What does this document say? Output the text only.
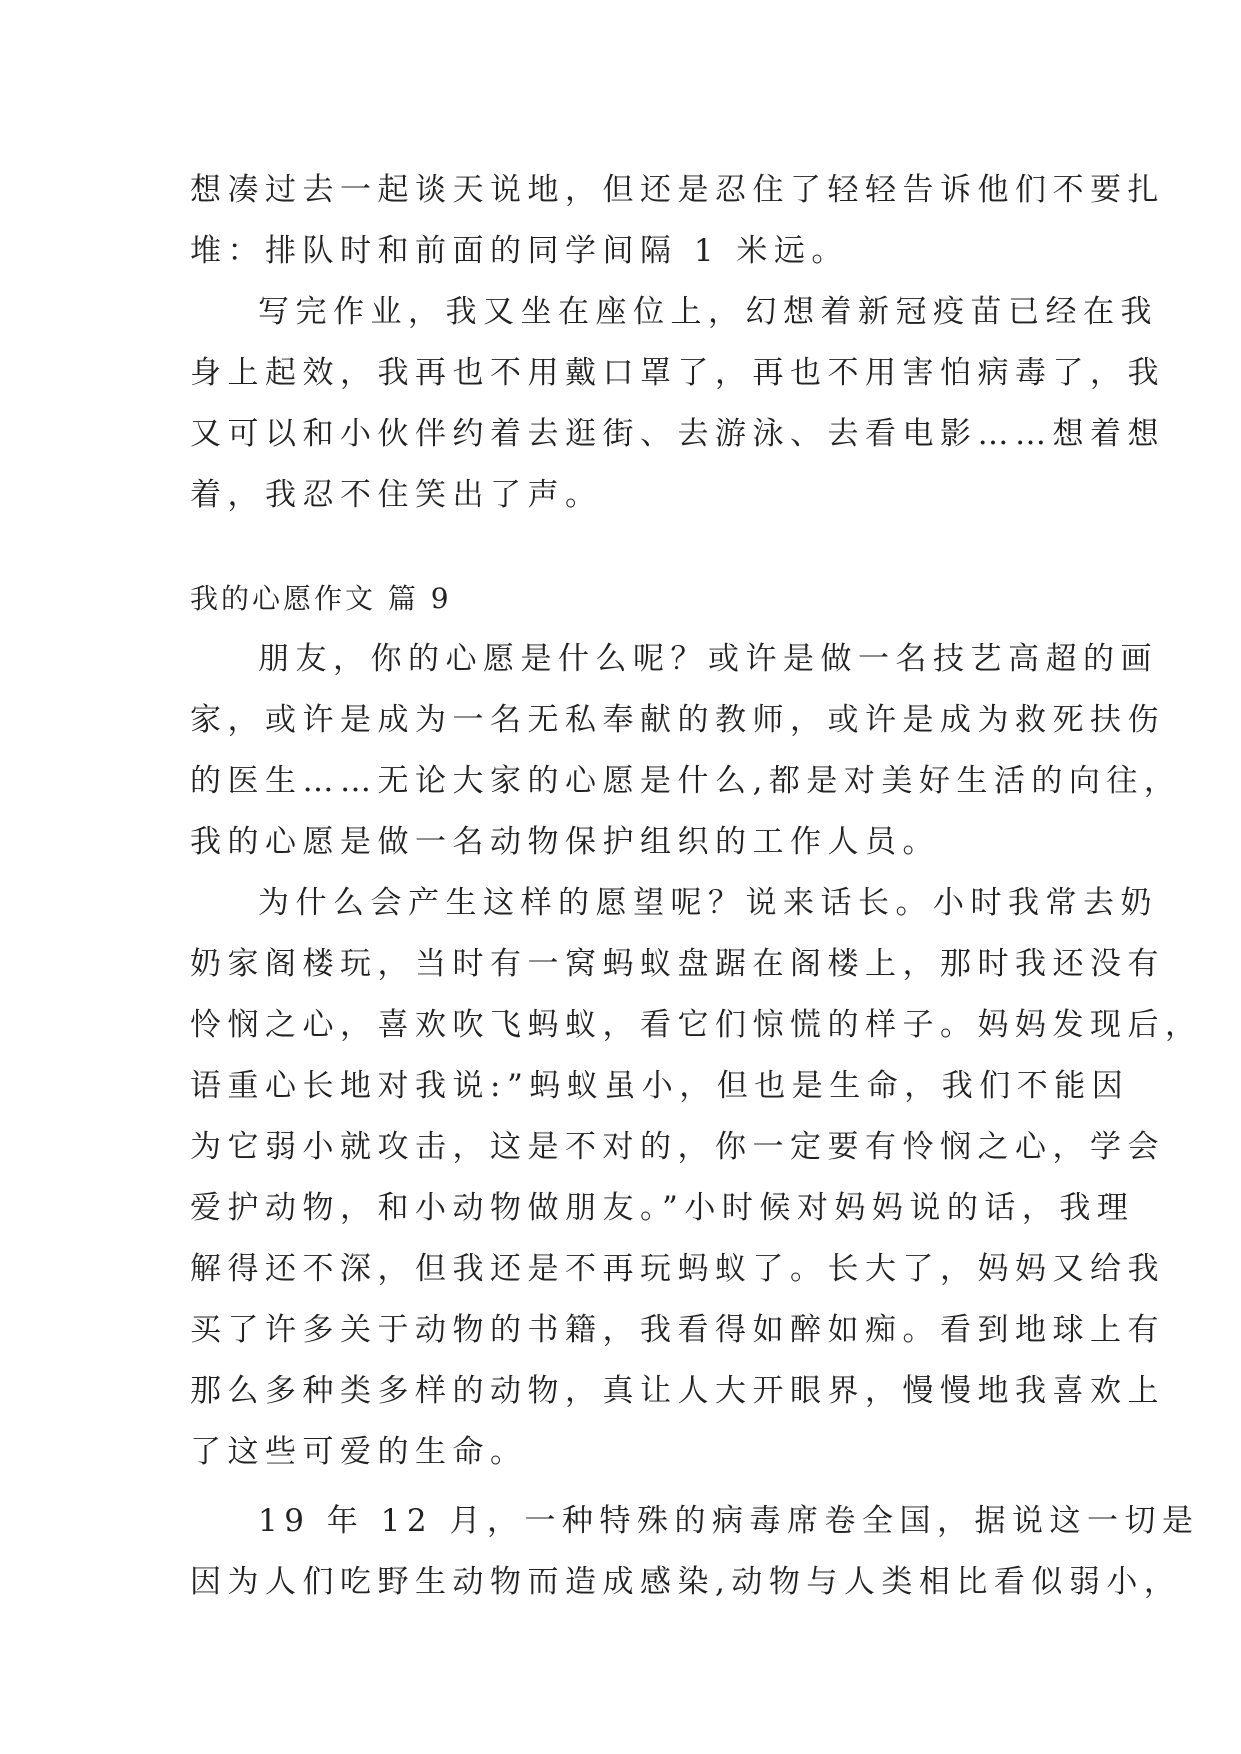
想凑过去一起谈天说地，但还是忍住了轻轻告诉他们不要扎

堆：排队时和前面的同学间隔 1 米远。

写完作业，我又坐在座位上，幻想着新冠疫苗已经在我

身上起效，我再也不用戴口罩了，再也不用害怕病毒了，我

又可以和小伙伴约着去逛街、去游泳、去看电影……想着想

着，我忍不住笑出了声。

我的心愿作文 篇 9

朋友，你的心愿是什么呢？或许是做一名技艺高超的画

家，或许是成为一名无私奉献的教师，或许是成为救死扶伤

的医生……无论大家的心愿是什么,都是对美好生活的向往，

我的心愿是做一名动物保护组织的工作人员。

为什么会产生这样的愿望呢？说来话长。小时我常去奶

奶家阁楼玩，当时有一窝蚂蚁盘踞在阁楼上，那时我还没有

怜悯之心，喜欢吹飞蚂蚁，看它们惊慌的样子。妈妈发现后，

语重心长地对我说:”蚂蚁虽小，但也是生命，我们不能因

为它弱小就攻击，这是不对的，你一定要有怜悯之心，学会

爱护动物，和小动物做朋友。”小时候对妈妈说的话，我理

解得还不深，但我还是不再玩蚂蚁了。长大了，妈妈又给我

买了许多关于动物的书籍，我看得如醉如痴。看到地球上有

那么多种类多样的动物，真让人大开眼界，慢慢地我喜欢上

了这些可爱的生命。

19 年 12 月，一种特殊的病毒席卷全国，据说这一切是

因为人们吃野生动物而造成感染,动物与人类相比看似弱小，
